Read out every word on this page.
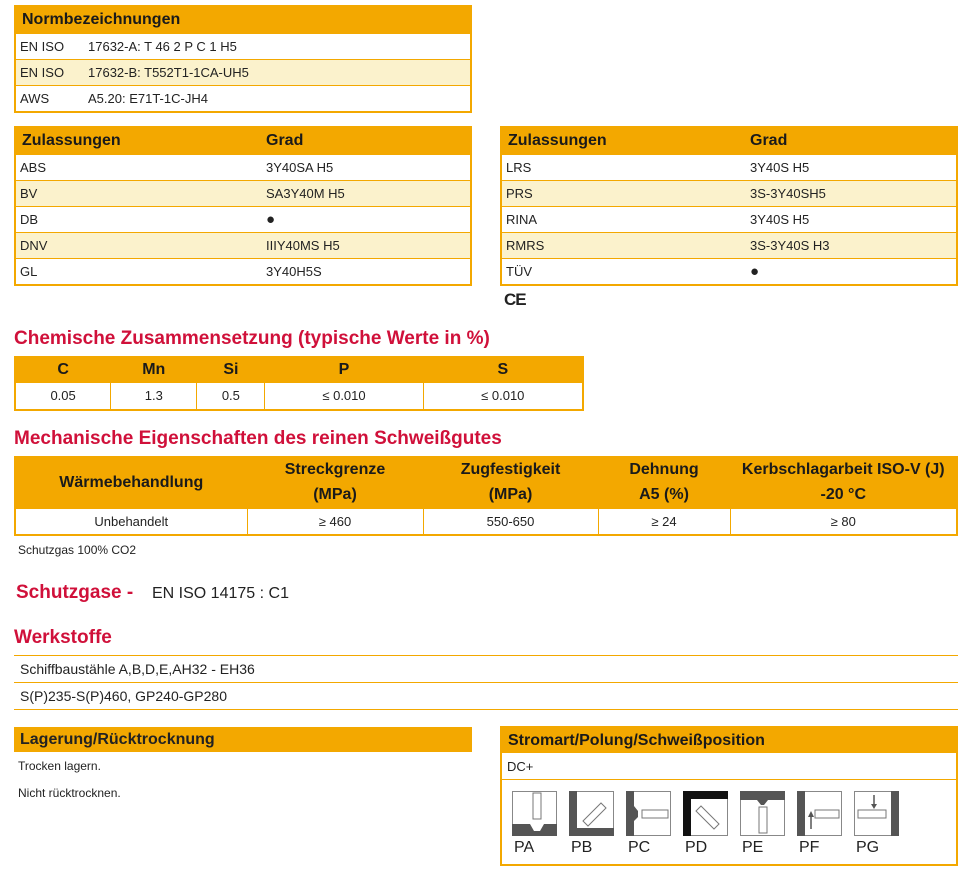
Normbezeichnungen
EN ISO 17632-A: T 46 2 P C 1 H5
EN ISO 17632-B: T552T1-1CA-UH5
AWS	A5.20: E71T-1C-JH4
Zulassungen	Grad
ABS	3Y40SA H5
BV	SA3Y40M H5
DB	●
DNV	IIIY40MS H5
GL	3Y40H5S
Zulassungen	Grad
LRS	3Y40S H5
PRS	3S-3Y40SH5
RINA	3Y40S H5
RMRS	3S-3Y40S H3
TÜV	●
CE
Chemische Zusammensetzung (typische Werte in %)
C	Mn	Si	P	S
0.05	1.3	0.5	≤ 0.010	≤ 0.010
Mechanische Eigenschaften des reinen Schweißgutes
Wärmebehandlung	Streckgrenze	Zugfestigkeit	Dehnung	Kerbschlagarbeit ISO-V (J)
	(MPa)	(MPa)	A5 (%)	-20 °C
Unbehandelt	≥ 460	550-650	≥ 24	≥ 80
Schutzgas 100% CO2
Schutzgase - EN ISO 14175 : C1
Werkstoffe
Schiffbaustähle A,B,D,E,AH32 - EH36
S(P)235-S(P)460, GP240-GP280
Lagerung/Rücktrocknung
Trocken lagern.
Nicht rücktrocknen.
Stromart/Polung/Schweißposition
DC+
PA PB PC PD PE PF PG
